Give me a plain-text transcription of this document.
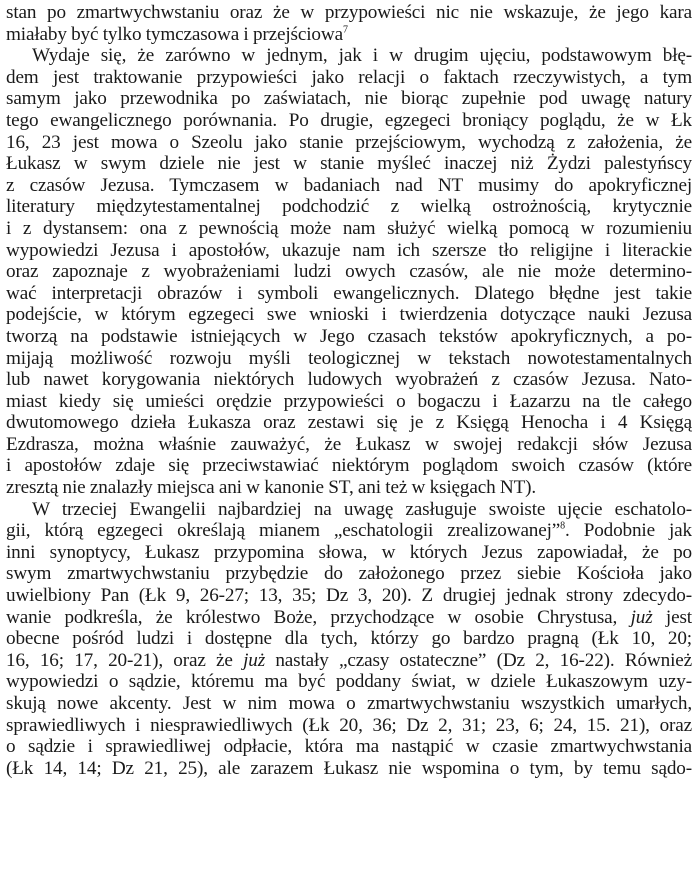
stan po zmartwychwstaniu oraz że w przypowieści nic nie wskazuje, że jego kara
miałaby być tylko tymczasowa i przejściowa$^7$
Wydaje się, że zarówno w jednym, jak i w drugim ujęciu, podstawowym błę-
dem jest traktowanie przypowieści jako relacji o faktach rzeczywistych, a tym
samym jako przewodnika po zaświatach, nie biorąc zupełnie pod uwagę natury
tego ewangelicznego porównania. Po drugie, egzegeci broniący poglądu, że w Łk
16, 23 jest mowa o Szeolu jako stanie przejściowym, wychodzą z założenia, że
Łukasz w swym dziele nie jest w stanie myśleć inaczej niż Żydzi palestyńscy
z czasów Jezusa. Tymczasem w badaniach nad NT musimy do apokryficznej
literatury międzytestamentalnej podchodzić z wielką ostrożnością, krytycznie
i z dystansem: ona z pewnością może nam służyć wielką pomocą w rozumieniu
wypowiedzi Jezusa i apostołów, ukazuje nam ich szersze tło religijne i literackie
oraz zapoznaje z wyobrażeniami ludzi owych czasów, ale nie może determino-
wać interpretacji obrazów i symboli ewangelicznych. Dlatego błędne jest takie
podejście, w którym egzegeci swe wnioski i twierdzenia dotyczące nauki Jezusa
tworzą na podstawie istniejących w Jego czasach tekstów apokryficznych, a po-
mijają możliwość rozwoju myśli teologicznej w tekstach nowotestamentalnych
lub nawet korygowania niektórych ludowych wyobrażeń z czasów Jezusa. Nato-
miast kiedy się umieści orędzie przypowieści o bogaczu i Łazarzu na tle całego
dwutomowego dzieła Łukasza oraz zestawi się je z Księgą Henocha i 4 Księgą
Ezdrasza, można właśnie zauważyć, że Łukasz w swojej redakcji słów Jezusa
i apostołów zdaje się przeciwstawiać niektórym poglądom swoich czasów (które
zresztą nie znalazły miejsca ani w kanonie ST, ani też w księgach NT).
W trzeciej Ewangelii najbardziej na uwagę zasługuje swoiste ujęcie eschatolo-
gii, którą egzegeci określają mianem „eschatologii zrealizowanej”$^8$. Podobnie jak
inni synoptycy, Łukasz przypomina słowa, w których Jezus zapowiadał, że po
swym zmartwychwstaniu przybędzie do założonego przez siebie Kościoła jako
uwielbiony Pan (Łk 9, 26-27; 13, 35; Dz 3, 20). Z drugiej jednak strony zdecydo-
wanie podkreśla, że królestwo Boże, przychodzące w osobie Chrystusa, już jest
obecne pośród ludzi i dostępne dla tych, którzy go bardzo pragną (Łk 10, 20;
16, 16; 17, 20-21), oraz że już nastały „czasy ostateczne” (Dz 2, 16-22). Również
wypowiedzi o sądzie, któremu ma być poddany świat, w dziele Łukaszowym uzy-
skują nowe akcenty. Jest w nim mowa o zmartwychwstaniu wszystkich umarłych,
sprawiedliwych i niesprawiedliwych (Łk 20, 36; Dz 2, 31; 23, 6; 24, 15. 21), oraz
o sądzie i sprawiedliwej odpłacie, która ma nastąpić w czasie zmartwychwstania
(Łk 14, 14; Dz 21, 25), ale zarazem Łukasz nie wspomina o tym, by temu sądo-
